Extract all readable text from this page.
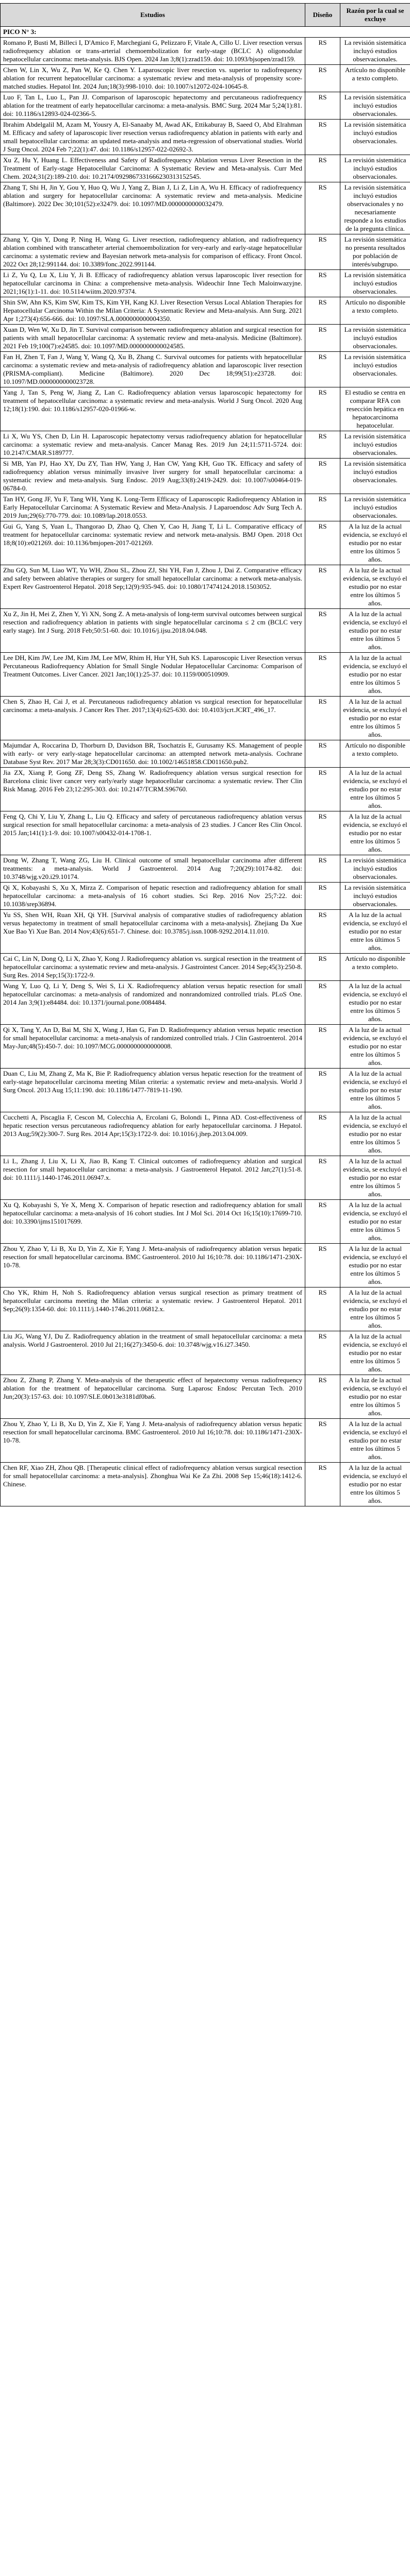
Estudios	Diseño	Razón por la cual se excluye
PICO N° 3:		
Romano P, Busti M, Billeci I, D'Amico F, Marchegiani G, Pelizzaro F, Vitale A, Cillo U. Liver resection versus radiofrequency ablation or trans-arterial chemoembolization for early-stage (BCLC A) oligonodular hepatocellular carcinoma: meta-analysis. BJS Open. 2024 Jan 3;8(1):zrad159. doi: 10.1093/bjsopen/zrad159.	RS	La revisión sistemática incluyó estudios observacionales.
Chen W, Lin X, Wu Z, Pan W, Ke Q. Chen Y. Laparoscopic liver resection vs. superior to radiofrequency ablation for recurrent hepatocellular carcinoma: a systematic review and meta-analysis of propensity score-matched studies. Hepatol Int. 2024 Jun;18(3):998-1010. doi: 10.1007/s12072-024-10645-8.	RS	Artículo no disponible a texto completo.
Luo F, Tan L, Luo L, Pan JJ. Comparison of laparoscopic hepatectomy and percutaneous radiofrequency ablation for the treatment of early hepatocellular carcinoma: a meta-analysis. BMC Surg. 2024 Mar 5;24(1):81. doi: 10.1186/s12893-024-02366-5.	RS	La revisión sistemática incluyó estudios observacionales.
Ibrahim Abdelgalil M, Azam M, Yousry A, El-Sanaaby M, Awad AK, Ettikaburay B, Saeed O, Abd Elrahman M. Efficacy and safety of laparoscopic liver resection versus radiofrequency ablation in patients with early and small hepatocellular carcinoma: an updated meta-analysis and meta-regression of observational studies. World J Surg Oncol. 2024 Feb 7;22(1):47. doi: 10.1186/s12957-022-02692-3.	RS	La revisión sistemática incluyó estudios observacionales.
Xu Z, Hu Y, Huang L. Effectiveness and Safety of Radiofrequency Ablation versus Liver Resection in the Treatment of Early-stage Hepatocellular Carcinoma: A Systematic Review and Meta-analysis. Curr Med Chem. 2024;31(2):189-210. doi: 10.2174/0929867331666230313152545.	RS	La revisión sistemática incluyó estudios observacionales.
Zhang T, Shi H, Jin Y, Gou Y, Huo Q, Wu J, Yang Z, Bian J, Li Z, Lin A, Wu H. Efficacy of radiofrequency ablation and surgery for hepatocellular carcinoma: A systematic review and meta-analysis. Medicine (Baltimore). 2022 Dec 30;101(52):e32479. doi: 10.1097/MD.0000000000032479.	RS	La revisión sistemática incluyó estudios observacionales y no necesariamente responde a los estudios de la pregunta clínica.
Zhang Y, Qin Y, Dong P, Ning H, Wang G. Liver resection, radiofrequency ablation, and radiofrequency ablation combined with transcatheter arterial chemoembolization for very-early and early-stage hepatocellular carcinoma: a systematic review and Bayesian network meta-analysis for comparison of efficacy. Front Oncol. 2022 Oct 28;12:991144. doi: 10.3389/fonc.2022.991144.	RS	La revisión sistemática no presenta resultados por población de interés/subgrupo.
Li Z, Yu Q, Lu X, Liu Y, Ji B. Efficacy of radiofrequency ablation versus laparoscopic liver resection for hepatocellular carcinoma in China: a comprehensive meta-analysis. Wideochir Inne Tech Maloinwazyjne. 2021;16(1):1-11. doi: 10.5114/wiitm.2020.97374.	RS	La revisión sistemática incluyó estudios observacionales.
Shin SW, Ahn KS, Kim SW, Kim TS, Kim YH, Kang KJ. Liver Resection Versus Local Ablation Therapies for Hepatocellular Carcinoma Within the Milan Criteria: A Systematic Review and Meta-analysis. Ann Surg. 2021 Apr 1;273(4):656-666. doi: 10.1097/SLA.0000000000004350.	RS	Artículo no disponible a texto completo.
Xuan D, Wen W, Xu D, Jin T. Survival comparison between radiofrequency ablation and surgical resection for patients with small hepatocellular carcinoma: A systematic review and meta-analysis. Medicine (Baltimore). 2021 Feb 19;100(7):e24585. doi: 10.1097/MD.0000000000024585.	RS	La revisión sistemática incluyó estudios observacionales.
Fan H, Zhen T, Fan J, Wang Y, Wang Q, Xu B, Zhang C. Survival outcomes for patients with hepatocellular carcinoma: a systematic review and meta-analysis of radiofrequency ablation and laparoscopic liver resection (PRISMA-compliant). Medicine (Baltimore). 2020 Dec 18;99(51):e23728. doi: 10.1097/MD.0000000000023728.	RS	La revisión sistemática incluyó estudios observacionales.
Yang J, Tan S, Peng W, Jiang Z, Lan C. Radiofrequency ablation versus laparoscopic hepatectomy for treatment of hepatocellular carcinoma: a systematic review and meta-analysis. World J Surg Oncol. 2020 Aug 12;18(1):190. doi: 10.1186/s12957-020-01966-w.	RS	El estudio se centra en comparar RFA con resección hepática en hepatocarcinoma hepatocelular.
Li X, Wu YS, Chen D, Lin H. Laparoscopic hepatectomy versus radiofrequency ablation for hepatocellular carcinoma: a systematic review and meta-analysis. Cancer Manag Res. 2019 Jun 24;11:5711-5724. doi: 10.2147/CMAR.S189777.	RS	La revisión sistemática incluyó estudios observacionales.
Si MB, Yan PJ, Hao XY, Du ZY, Tian HW, Yang J, Han CW, Yang KH, Guo TK. Efficacy and safety of radiofrequency ablation versus minimally invasive liver surgery for small hepatocellular carcinoma: a systematic review and meta-analysis. Surg Endosc. 2019 Aug;33(8):2419-2429. doi: 10.1007/s00464-019-06784-0.	RS	La revisión sistemática incluyó estudios observacionales.
Tan HY, Gong JF, Yu F, Tang WH, Yang K. Long-Term Efficacy of Laparoscopic Radiofrequency Ablation in Early Hepatocellular Carcinoma: A Systematic Review and Meta-Analysis. J Laparoendosc Adv Surg Tech A. 2019 Jun;29(6):770-779. doi: 10.1089/lap.2018.0553.	RS	La revisión sistemática incluyó estudios observacionales.
Gui G, Yang S, Yuan L, Thangorao D, Zhao Q, Chen Y, Cao H, Jiang T, Li L. Comparative efficacy of treatment for hepatocellular carcinoma: systematic review and network meta-analysis. BMJ Open. 2018 Oct 18;8(10):e021269. doi: 10.1136/bmjopen-2017-021269.	RS	A la luz de la actual evidencia, se excluyó el estudio por no estar entre los últimos 5 años.
Zhu GQ, Sun M, Liao WT, Yu WH, Zhou SL, Zhou ZJ, Shi YH, Fan J, Zhou J, Dai Z. Comparative efficacy and safety between ablative therapies or surgery for small hepatocellular carcinoma: a network meta-analysis. Expert Rev Gastroenterol Hepatol. 2018 Sep;12(9):935-945. doi: 10.1080/17474124.2018.1503052.	RS	A la luz de la actual evidencia, se excluyó el estudio por no estar entre los últimos 5 años.
Xu Z, Jin H, Mei Z, Zhen Y, Yi XN, Song Z. A meta-analysis of long-term survival outcomes between surgical resection and radiofrequency ablation in patients with single hepatocellular carcinoma ≤ 2 cm (BCLC very early stage). Int J Surg. 2018 Feb;50:51-60. doi: 10.1016/j.ijsu.2018.04.048.	RS	A la luz de la actual evidencia, se excluyó el estudio por no estar entre los últimos 5 años.
Lee DH, Kim JW, Lee JM, Kim JM, Lee MW, Rhim H, Hur YH, Suh KS. Laparoscopic Liver Resection versus Percutaneous Radiofrequency Ablation for Small Single Nodular Hepatocellular Carcinoma: Comparison of Treatment Outcomes. Liver Cancer. 2021 Jan;10(1):25-37. doi: 10.1159/000510909.	RS	A la luz de la actual evidencia, se excluyó el estudio por no estar entre los últimos 5 años.
Chen S, Zhao H, Cai J, et al. Percutaneous radiofrequency ablation vs surgical resection for hepatocellular carcinoma: a meta-analysis. J Cancer Res Ther. 2017;13(4):625-630. doi: 10.4103/jcrt.JCRT_496_17.	RS	A la luz de la actual evidencia, se excluyó el estudio por no estar entre los últimos 5 años.
Majumdar A, Roccarina D, Thorburn D, Davidson BR, Tsochatzis E, Gurusamy KS. Management of people with early- or very early-stage hepatocellular carcinoma: an attempted network meta-analysis. Cochrane Database Syst Rev. 2017 Mar 28;3(3):CD011650. doi: 10.1002/14651858.CD011650.pub2.	RS	Artículo no disponible a texto completo.
Jia ZX, Xiang P, Gong ZF, Deng SS, Zhang W. Radiofrequency ablation versus surgical resection for Barcelona clinic liver cancer very early/early stage hepatocellular carcinoma: a systematic review. Ther Clin Risk Manag. 2016 Feb 23;12:295-303. doi: 10.2147/TCRM.S96760.	RS	A la luz de la actual evidencia, se excluyó el estudio por no estar entre los últimos 5 años.
Feng Q, Chi Y, Liu Y, Zhang L, Liu Q. Efficacy and safety of percutaneous radiofrequency ablation versus surgical resection for small hepatocellular carcinoma: a meta-analysis of 23 studies. J Cancer Res Clin Oncol. 2015 Jan;141(1):1-9. doi: 10.1007/s00432-014-1708-1.	RS	A la luz de la actual evidencia, se excluyó el estudio por no estar entre los últimos 5 años.
Dong W, Zhang T, Wang ZG, Liu H. Clinical outcome of small hepatocellular carcinoma after different treatments: a meta-analysis. World J Gastroenterol. 2014 Aug 7;20(29):10174-82. doi: 10.3748/wjg.v20.i29.10174.	RS	La revisión sistemática incluyó estudios observacionales.
Qi X, Kobayashi S, Xu X, Mirza Z. Comparison of hepatic resection and radiofrequency ablation for small hepatocellular carcinoma: a meta-analysis of 16 cohort studies. Sci Rep. 2016 Nov 25;7:22. doi: 10.1038/srep36894.	RS	La revisión sistemática incluyó estudios observacionales.
Yu SS, Shen WH, Ruan XH, Qi YH. [Survival analysis of comparative studies of radiofrequency ablation versus hepatectomy in treatment of small hepatocellular carcinoma with a meta-analysis]. Zhejiang Da Xue Xue Bao Yi Xue Ban. 2014 Nov;43(6):651-7. Chinese. doi: 10.3785/j.issn.1008-9292.2014.11.010.	RS	A la luz de la actual evidencia, se excluyó el estudio por no estar entre los últimos 5 años.
Cai C, Lin N, Dong Q, Li X, Zhao Y, Kong J. Radiofrequency ablation vs. surgical resection in the treatment of hepatocellular carcinoma: a systematic review and meta-analysis. J Gastrointest Cancer. 2014 Sep;45(3):250-8. Surg Res. 2014 Sep;15(3):1722-9.	RS	Artículo no disponible a texto completo.
Wang Y, Luo Q, Li Y, Deng S, Wei S, Li X. Radiofrequency ablation versus hepatic resection for small hepatocellular carcinomas: a meta-analysis of randomized and nonrandomized controlled trials. PLoS One. 2014 Jan 3;9(1):e84484. doi: 10.1371/journal.pone.0084484.	RS	A la luz de la actual evidencia, se excluyó el estudio por no estar entre los últimos 5 años.
Qi X, Tang Y, An D, Bai M, Shi X, Wang J, Han G, Fan D. Radiofrequency ablation versus hepatic resection for small hepatocellular carcinoma: a meta-analysis of randomized controlled trials. J Clin Gastroenterol. 2014 May-Jun;48(5):450-7. doi: 10.1097/MCG.0000000000000008.	RS	A la luz de la actual evidencia, se excluyó el estudio por no estar entre los últimos 5 años.
Duan C, Liu M, Zhang Z, Ma K, Bie P. Radiofrequency ablation versus hepatic resection for the treatment of early-stage hepatocellular carcinoma meeting Milan criteria: a systematic review and meta-analysis. World J Surg Oncol. 2013 Aug 15;11:190. doi: 10.1186/1477-7819-11-190.	RS	A la luz de la actual evidencia, se excluyó el estudio por no estar entre los últimos 5 años.
Cucchetti A, Piscaglia F, Cescon M, Colecchia A, Ercolani G, Bolondi L, Pinna AD. Cost-effectiveness of hepatic resection versus percutaneous radiofrequency ablation for early hepatocellular carcinoma. J Hepatol. 2013 Aug;59(2):300-7. Surg Res. 2014 Apr;15(3):1722-9. doi: 10.1016/j.jhep.2013.04.009.	RS	A la luz de la actual evidencia, se excluyó el estudio por no estar entre los últimos 5 años.
Li L, Zhang J, Liu X, Li X, Jiao B, Kang T. Clinical outcomes of radiofrequency ablation and surgical resection for small hepatocellular carcinoma: a meta-analysis. J Gastroenterol Hepatol. 2012 Jan;27(1):51-8. doi: 10.1111/j.1440-1746.2011.06947.x.	RS	A la luz de la actual evidencia, se excluyó el estudio por no estar entre los últimos 5 años.
Xu Q, Kobayashi S, Ye X, Meng X. Comparison of hepatic resection and radiofrequency ablation for small hepatocellular carcinoma: a meta-analysis of 16 cohort studies. Int J Mol Sci. 2014 Oct 16;15(10):17699-710. doi: 10.3390/ijms151017699.	RS	A la luz de la actual evidencia, se excluyó el estudio por no estar entre los últimos 5 años.
Zhou Y, Zhao Y, Li B, Xu D, Yin Z, Xie F, Yang J. Meta-analysis of radiofrequency ablation versus hepatic resection for small hepatocellular carcinoma. BMC Gastroenterol. 2010 Jul 16;10:78. doi: 10.1186/1471-230X-10-78.	RS	A la luz de la actual evidencia, se excluyó el estudio por no estar entre los últimos 5 años.
Cho YK, Rhim H, Noh S. Radiofrequency ablation versus surgical resection as primary treatment of hepatocellular carcinoma meeting the Milan criteria: a systematic review. J Gastroenterol Hepatol. 2011 Sep;26(9):1354-60. doi: 10.1111/j.1440-1746.2011.06812.x.	RS	A la luz de la actual evidencia, se excluyó el estudio por no estar entre los últimos 5 años.
Liu JG, Wang YJ, Du Z. Radiofrequency ablation in the treatment of small hepatocellular carcinoma: a meta analysis. World J Gastroenterol. 2010 Jul 21;16(27):3450-6. doi: 10.3748/wjg.v16.i27.3450.	RS	A la luz de la actual evidencia, se excluyó el estudio por no estar entre los últimos 5 años.
Zhou Z, Zhang P, Zhang Y. Meta-analysis of the therapeutic effect of hepatectomy versus radiofrequency ablation for the treatment of hepatocellular carcinoma. Surg Laparosc Endosc Percutan Tech. 2010 Jun;20(3):157-63. doi: 10.1097/SLE.0b013e3181df0ba6.	RS	A la luz de la actual evidencia, se excluyó el estudio por no estar entre los últimos 5 años.
Zhou Y, Zhao Y, Li B, Xu D, Yin Z, Xie F, Yang J. Meta-analysis of radiofrequency ablation versus hepatic resection for small hepatocellular carcinoma. BMC Gastroenterol. 2010 Jul 16;10:78. doi: 10.1186/1471-230X-10-78.	RS	A la luz de la actual evidencia, se excluyó el estudio por no estar entre los últimos 5 años.
Chen RF, Xiao ZH, Zhou QB. [Therapeutic clinical effect of radiofrequency ablation versus surgical resection for small hepatocellular carcinoma: a meta-analysis]. Zhonghua Wai Ke Za Zhi. 2008 Sep 15;46(18):1412-6. Chinese.	RS	A la luz de la actual evidencia, se excluyó el estudio por no estar entre los últimos 5 años.
